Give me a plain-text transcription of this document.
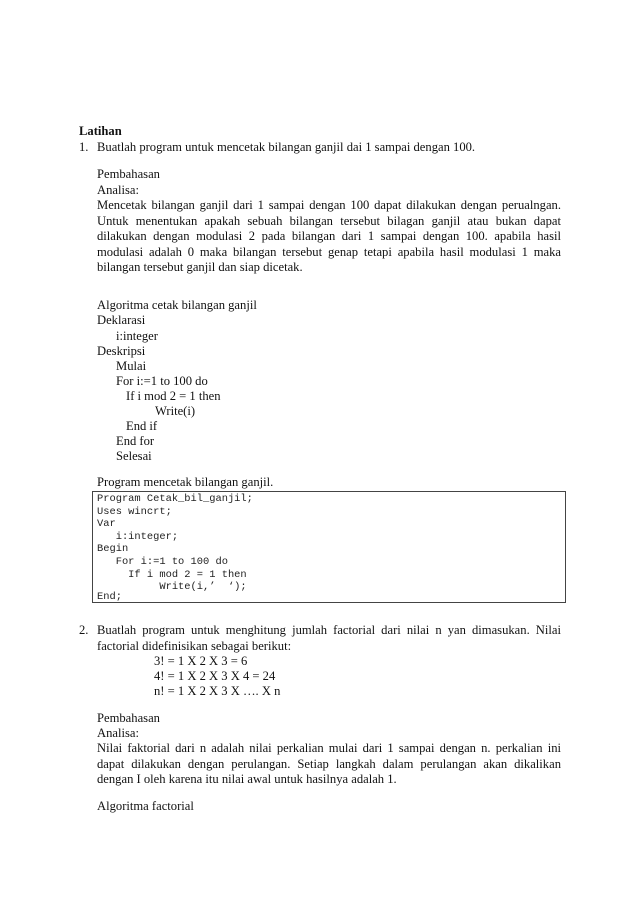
Latihan
1. Buatlah program untuk mencetak bilangan ganjil dai 1 sampai dengan 100.
Pembahasan
Analisa:
Mencetak bilangan ganjil dari 1 sampai dengan 100 dapat dilakukan dengan perualngan. Untuk menentukan apakah sebuah bilangan tersebut bilagan ganjil atau bukan dapat dilakukan dengan modulasi 2 pada bilangan dari 1 sampai dengan 100. apabila hasil modulasi adalah 0 maka bilangan tersebut genap tetapi apabila hasil modulasi 1 maka bilangan tersebut ganjil dan siap dicetak.
Algoritma cetak bilangan ganjil
Deklarasi
i:integer
Deskripsi
Mulai
For i:=1 to 100 do
If i mod 2 = 1 then
Write(i)
End if
End for
Selesai
Program mencetak bilangan ganjil.
Program Cetak_bil_ganjil;
Uses wincrt;
Var
i:integer;
Begin
For i:=1 to 100 do
If i mod 2 = 1 then
Write(i,’  ‘);
End;
2. Buatlah program untuk menghitung jumlah factorial dari nilai n yan dimasukan. Nilai factorial didefinisikan sebagai berikut:
3! = 1 X 2 X 3 = 6
4! = 1 X 2 X 3 X 4 = 24
n! = 1 X 2 X 3 X …. X n
Pembahasan
Analisa:
Nilai faktorial dari n adalah nilai perkalian mulai dari 1 sampai dengan n. perkalian ini dapat dilakukan dengan perulangan. Setiap langkah dalam perulangan akan dikalikan dengan I oleh karena itu nilai awal untuk hasilnya adalah 1.
Algoritma factorial
